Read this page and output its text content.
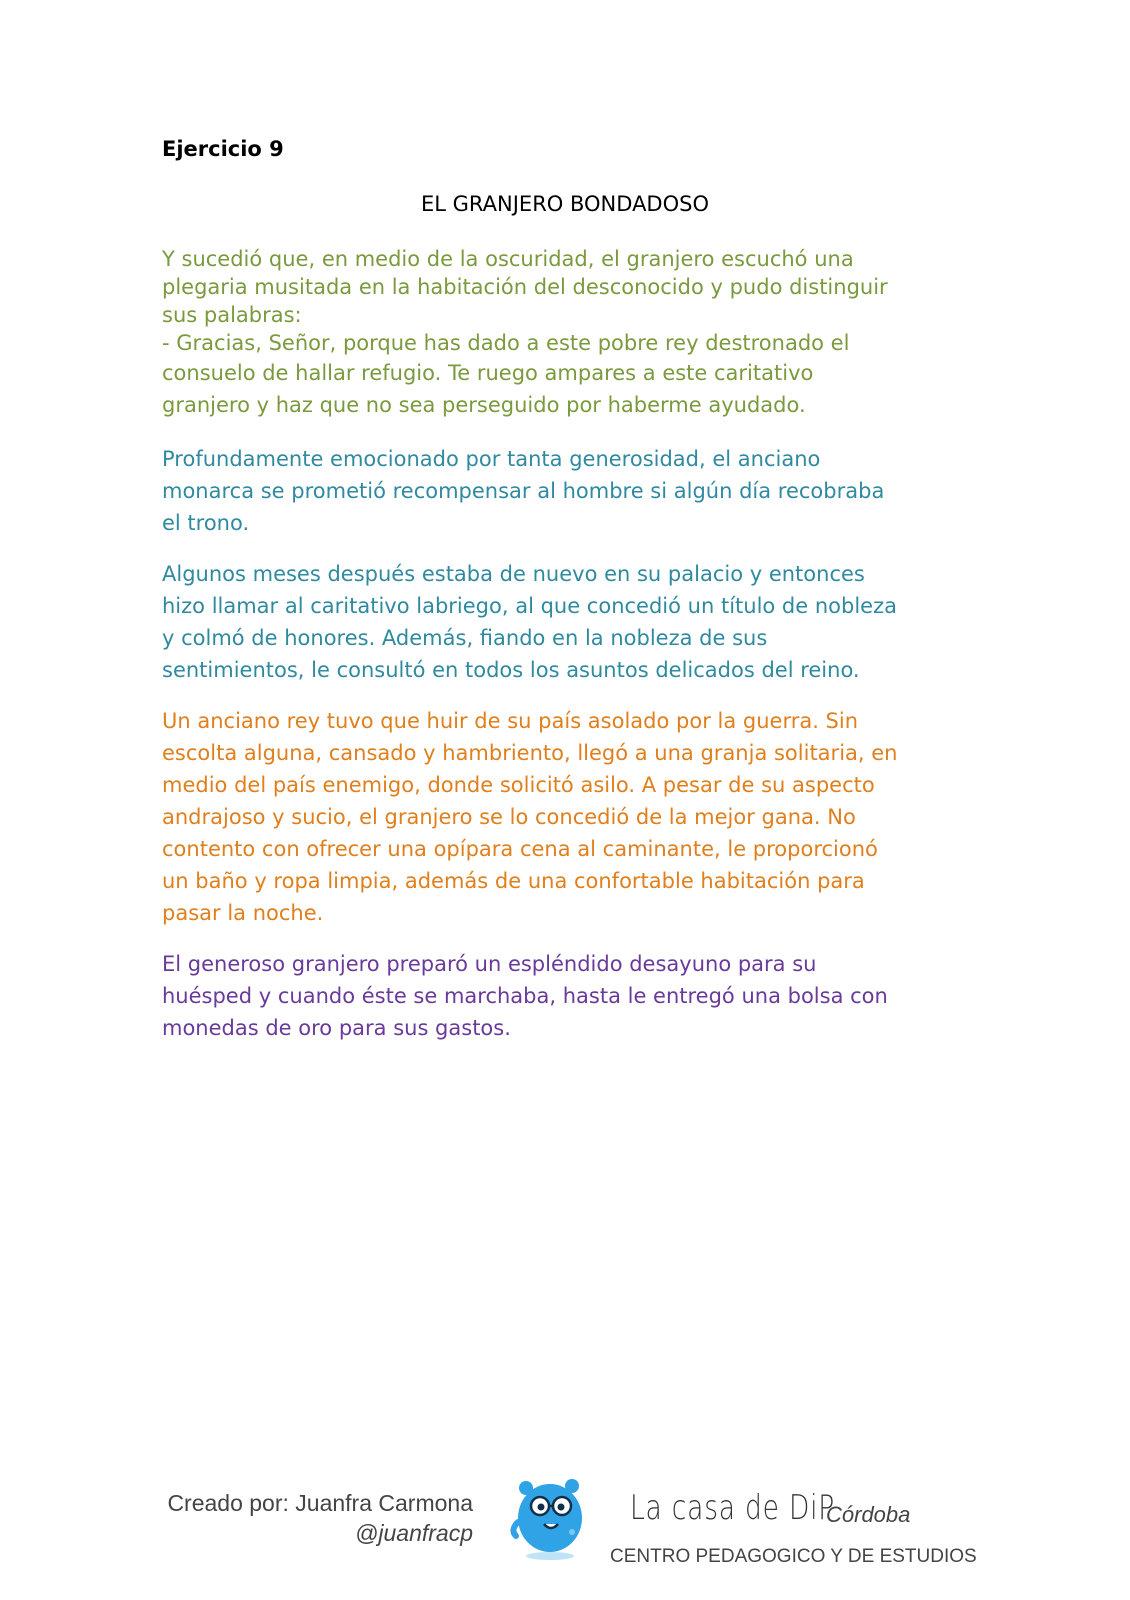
Ejercicio 9
EL GRANJERO BONDADOSO
Y sucedió que, en medio de la oscuridad, el granjero escuchó una
plegaria musitada en la habitación del desconocido y pudo distinguir
sus palabras:
- Gracias, Señor, porque has dado a este pobre rey destronado el
consuelo de hallar refugio. Te ruego ampares a este caritativo
granjero y haz que no sea perseguido por haberme ayudado.
Profundamente emocionado por tanta generosidad, el anciano
monarca se prometió recompensar al hombre si algún día recobraba
el trono.
Algunos meses después estaba de nuevo en su palacio y entonces
hizo llamar al caritativo labriego, al que concedió un título de nobleza
y colmó de honores. Además, fiando en la nobleza de sus
sentimientos, le consultó en todos los asuntos delicados del reino.
Un anciano rey tuvo que huir de su país asolado por la guerra. Sin
escolta alguna, cansado y hambriento, llegó a una granja solitaria, en
medio del país enemigo, donde solicitó asilo. A pesar de su aspecto
andrajoso y sucio, el granjero se lo concedió de la mejor gana. No
contento con ofrecer una opípara cena al caminante, le proporcionó
un baño y ropa limpia, además de una confortable habitación para
pasar la noche.
El generoso granjero preparó un espléndido desayuno para su
huésped y cuando éste se marchaba, hasta le entregó una bolsa con
monedas de oro para sus gastos.
Creado por: Juanfra Carmona
@juanfracp
La casa de DiP
Córdoba
CENTRO PEDAGOGICO Y DE ESTUDIOS
